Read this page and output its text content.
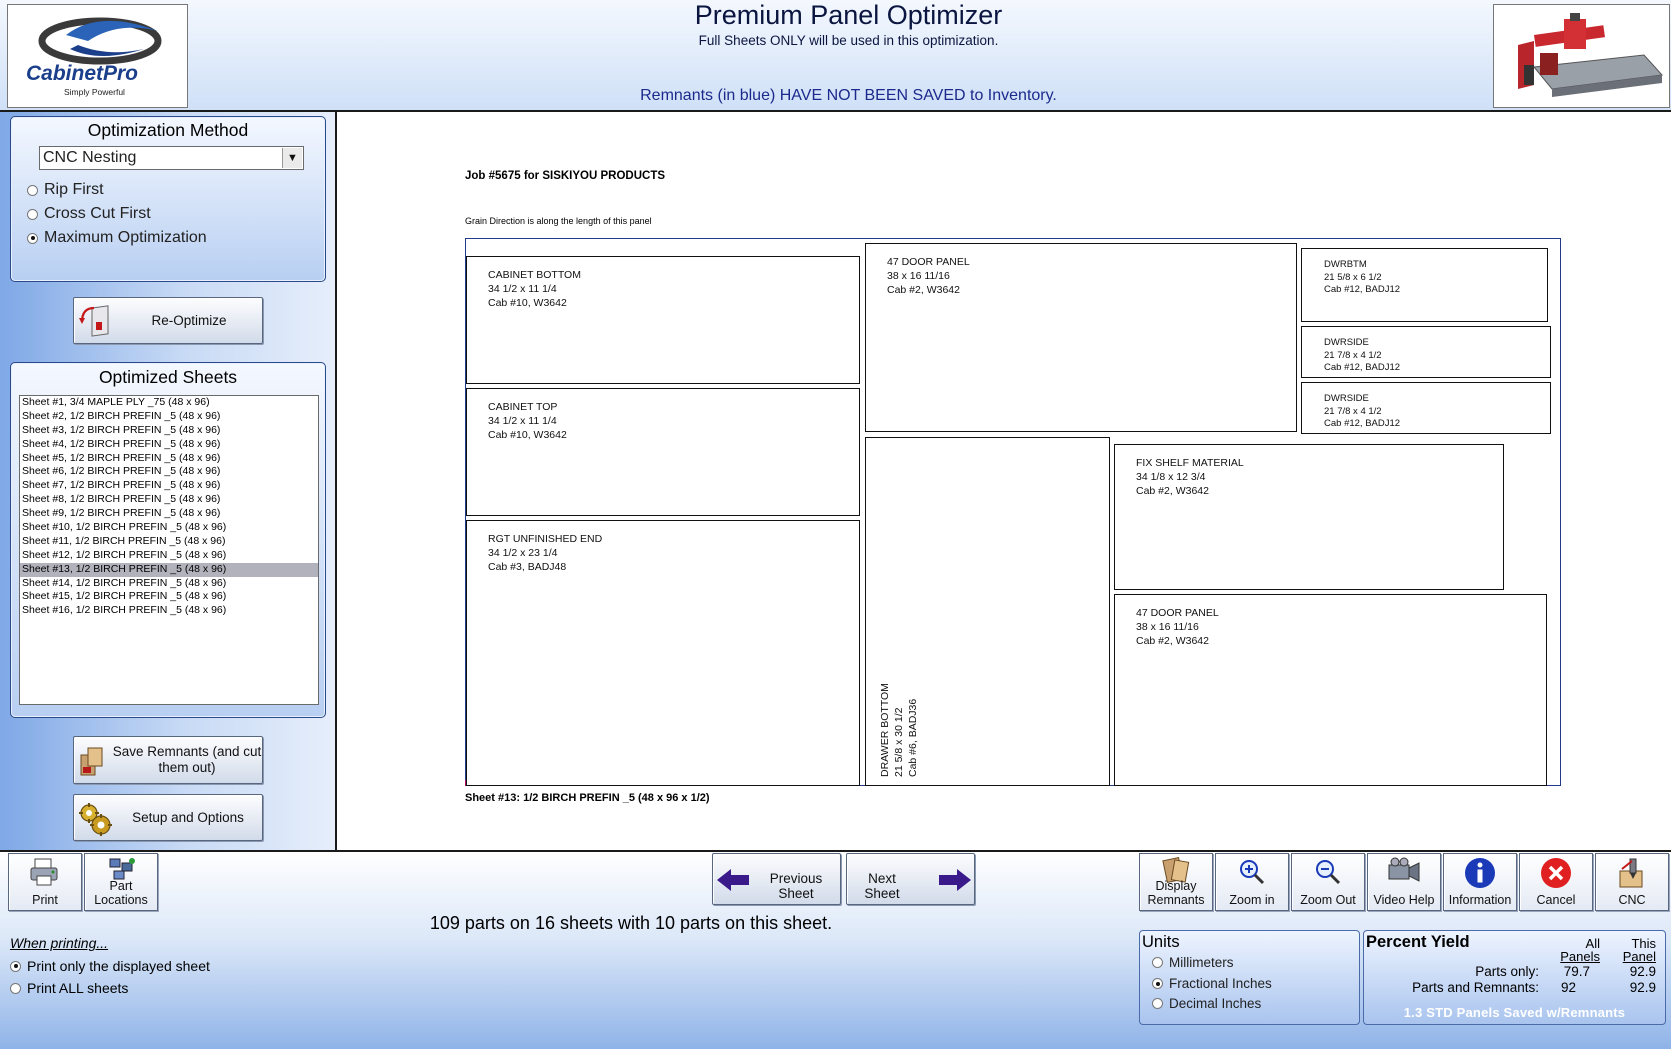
CabinetPro
Simply Powerful
Premium Panel Optimizer
Full Sheets ONLY will be used in this optimization.
Remnants (in blue) HAVE NOT BEEN SAVED to Inventory.
Optimization Method
CNC Nesting	▼
Rip First
Cross Cut First
Maximum Optimization
Re-Optimize
Optimized Sheets
Sheet #1, 3/4 MAPLE PLY _75 (48 x 96)
Sheet #2, 1/2 BIRCH PREFIN _5 (48 x 96)
Sheet #3, 1/2 BIRCH PREFIN _5 (48 x 96)
Sheet #4, 1/2 BIRCH PREFIN _5 (48 x 96)
Sheet #5, 1/2 BIRCH PREFIN _5 (48 x 96)
Sheet #6, 1/2 BIRCH PREFIN _5 (48 x 96)
Sheet #7, 1/2 BIRCH PREFIN _5 (48 x 96)
Sheet #8, 1/2 BIRCH PREFIN _5 (48 x 96)
Sheet #9, 1/2 BIRCH PREFIN _5 (48 x 96)
Sheet #10, 1/2 BIRCH PREFIN _5 (48 x 96)
Sheet #11, 1/2 BIRCH PREFIN _5 (48 x 96)
Sheet #12, 1/2 BIRCH PREFIN _5 (48 x 96)
Sheet #13, 1/2 BIRCH PREFIN _5 (48 x 96)
Sheet #14, 1/2 BIRCH PREFIN _5 (48 x 96)
Sheet #15, 1/2 BIRCH PREFIN _5 (48 x 96)
Sheet #16, 1/2 BIRCH PREFIN _5 (48 x 96)
Save Remnants (and cut them out)
Setup and Options
Job #5675 for SISKIYOU PRODUCTS
Grain Direction is along the length of this panel
CABINET BOTTOM
34 1/2 x 11 1/4
Cab #10, W3642
CABINET TOP
34 1/2 x 11 1/4
Cab #10, W3642
RGT UNFINISHED END
34 1/2 x 23 1/4
Cab #3, BADJ48
47 DOOR PANEL
38 x 16 11/16
Cab #2, W3642
DWRBTM
21 5/8 x 6 1/2
Cab #12, BADJ12
DWRSIDE
21 7/8 x 4 1/2
Cab #12, BADJ12
DWRSIDE
21 7/8 x 4 1/2
Cab #12, BADJ12
DRAWER BOTTOM 21 5/8 x 30 1/2 Cab #6, BADJ36
FIX SHELF MATERIAL
34 1/8 x 12 3/4
Cab #2, W3642
47 DOOR PANEL
38 x 16 11/16
Cab #2, W3642
Sheet #13: 1/2 BIRCH PREFIN _5 (48 x 96 x 1/2)
Print
Part Locations
Previous Sheet
Next Sheet	Display Remnants	Zoom in	Zoom Out	Video Help	Information	Cancel	CNC
109 parts on 16 sheets with 10 parts on this sheet.
When printing...
Print only the displayed sheet
Print ALL sheets
Units
Millimeters
Fractional Inches
Decimal Inches
Percent Yield	All
Panels
This
Panel
Parts only:	79.7	92.9
Parts and Remnants:	92	92.9
1.3 STD Panels Saved w/Remnants
